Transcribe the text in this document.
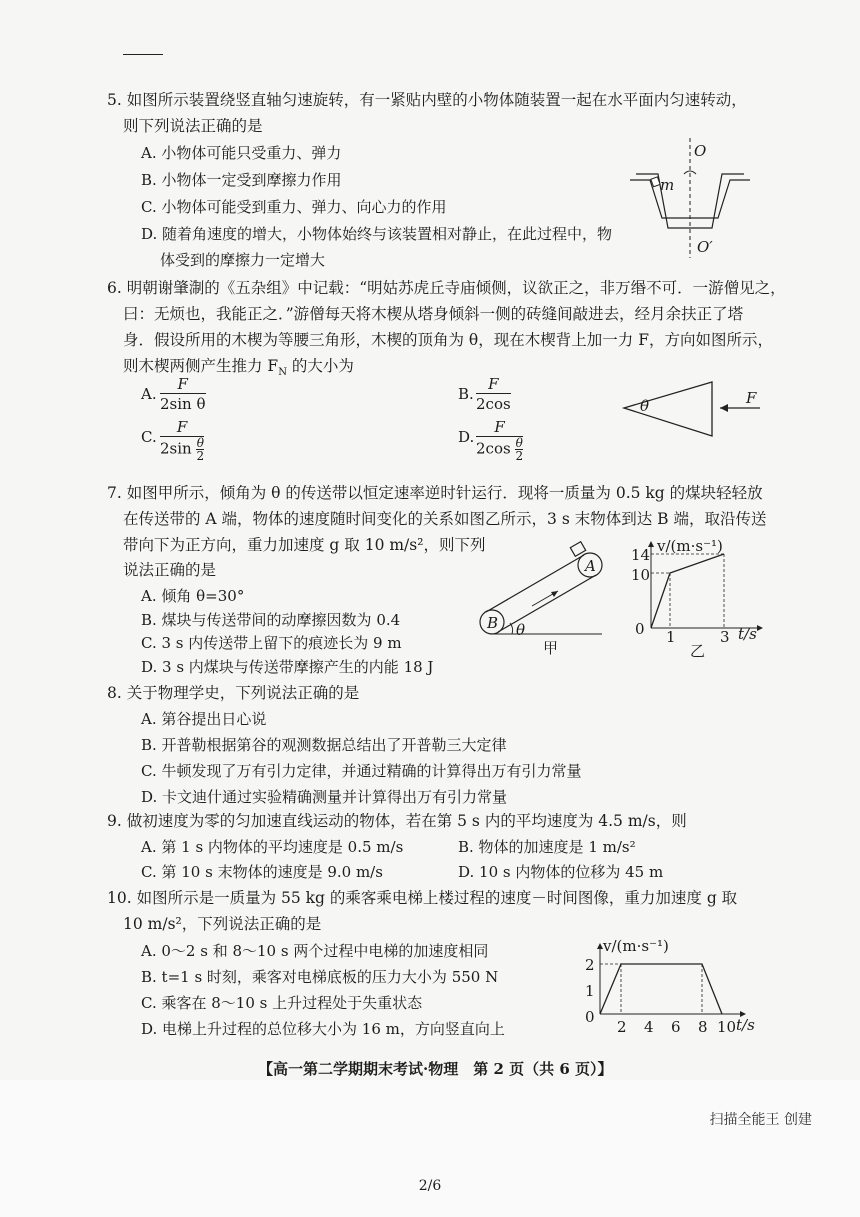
5. 如图所示装置绕竖直轴匀速旋转，有一紧贴内壁的小物体随装置一起在水平面内匀速转动，
则下列说法正确的是
A. 小物体可能只受重力、弹力
B. 小物体一定受到摩擦力作用
C. 小物体可能受到重力、弹力、向心力的作用
D. 随着角速度的增大，小物体始终与该装置相对静止，在此过程中，物
体受到的摩擦力一定增大
O
O′
m
6. 明朝谢肇淛的《五杂组》中记载：“明姑苏虎丘寺庙倾侧，议欲正之，非万缗不可．一游僧见之，
曰：无烦也，我能正之．”游僧每天将木楔从塔身倾斜一侧的砖缝间敲进去，经月余扶正了塔
身．假设所用的木楔为等腰三角形，木楔的顶角为 θ，现在木楔背上加一力 F，方向如图所示，
则木楔两侧产生推力 $F_N$ 的大小为
A. $\frac{F}{\text{2sin θ}}$	B. $\frac{F}{2\cos}$
C. $\frac{F}{2\sin \frac{\theta}{2}}$	D. $\frac{F}{2\cos \frac{\theta}{2}}$
θ	F
7. 如图甲所示，倾角为 θ 的传送带以恒定速率逆时针运行．现将一质量为 0.5 kg 的煤块轻轻放
在传送带的 A 端，物体的速度随时间变化的关系如图乙所示，3 s 末物体到达 B 端，取沿传送
带向下为正方向，重力加速度 g 取 10 m/s²，则下列
说法正确的是
A. 倾角 θ=30°
B. 煤块与传送带间的动摩擦因数为 0.4
C. 3 s 内传送带上留下的痕迹长为 9 m
D. 3 s 内煤块与传送带摩擦产生的内能 18 J
A
B θ
甲
v/(m·s⁻¹)
14
10
0 1	3 t/s
乙
8. 关于物理学史，下列说法正确的是
A. 第谷提出日心说
B. 开普勒根据第谷的观测数据总结出了开普勒三大定律
C. 牛顿发现了万有引力定律，并通过精确的计算得出万有引力常量
D. 卡文迪什通过实验精确测量并计算得出万有引力常量
9. 做初速度为零的匀加速直线运动的物体，若在第 5 s 内的平均速度为 4.5 m/s，则
A. 第 1 s 内物体的平均速度是 0.5 m/s	B. 物体的加速度是 1 m/s²
C. 第 10 s 末物体的速度是 9.0 m/s	D. 10 s 内物体的位移为 45 m
10. 如图所示是一质量为 55 kg 的乘客乘电梯上楼过程的速度－时间图像，重力加速度 g 取
10 m/s²，下列说法正确的是
A. 0～2 s 和 8～10 s 两个过程中电梯的加速度相同
B. t=1 s 时刻，乘客对电梯底板的压力大小为 550 N
C. 乘客在 8～10 s 上升过程处于失重状态
D. 电梯上升过程的总位移大小为 16 m，方向竖直向上
v/(m·s⁻¹)
2
1
0
2 4 6 8 10 t/s
【高一第二学期期末考试·物理　第 2 页（共 6 页）】
扫描全能王 创建
2/6
